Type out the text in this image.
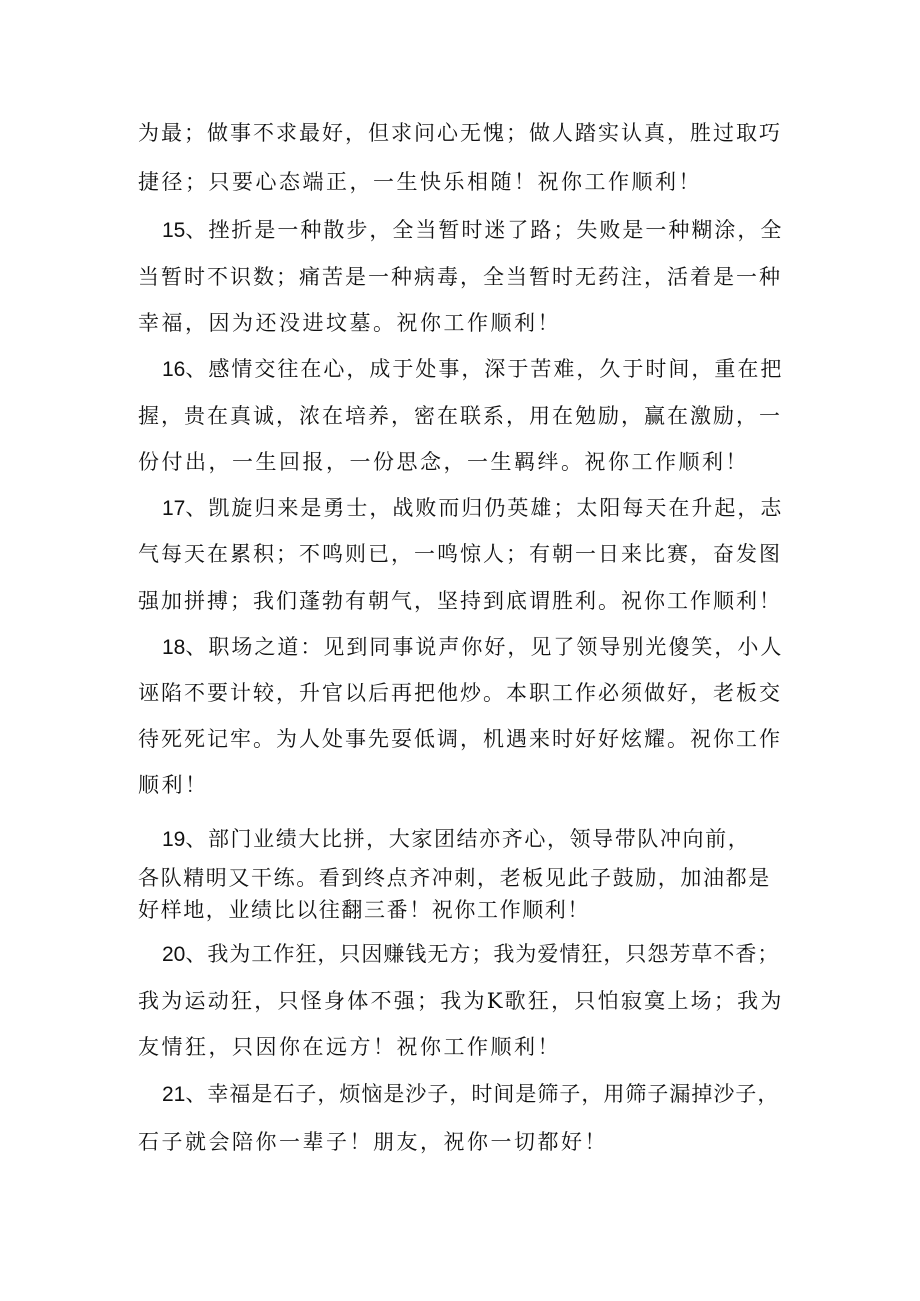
为最；做事不求最好，但求问心无愧；做人踏实认真，胜过取巧
捷径；只要心态端正，一生快乐相随！祝你工作顺利！
15、挫折是一种散步，全当暂时迷了路；失败是一种糊涂，全
当暂时不识数；痛苦是一种病毒，全当暂时无药注，活着是一种
幸福，因为还没进坟墓。祝你工作顺利！
16、感情交往在心，成于处事，深于苦难，久于时间，重在把
握，贵在真诚，浓在培养，密在联系，用在勉励，赢在激励，一
份付出，一生回报，一份思念，一生羁绊。祝你工作顺利！
17、凯旋归来是勇士，战败而归仍英雄；太阳每天在升起，志
气每天在累积；不鸣则已，一鸣惊人；有朝一日来比赛，奋发图
强加拼搏；我们蓬勃有朝气，坚持到底谓胜利。祝你工作顺利！
18、职场之道：见到同事说声你好，见了领导别光傻笑，小人
诬陷不要计较，升官以后再把他炒。本职工作必须做好，老板交
待死死记牢。为人处事先耍低调，机遇来时好好炫耀。祝你工作
顺利！
19、部门业绩大比拼，大家团结亦齐心，领导带队冲向前，
各队精明又干练。看到终点齐冲刺，老板见此子鼓励，加油都是
好样地，业绩比以往翻三番！祝你工作顺利！
20、我为工作狂，只因赚钱无方；我为爱情狂，只怨芳草不香；
我为运动狂，只怪身体不强；我为K歌狂，只怕寂寞上场；我为
友情狂，只因你在远方！祝你工作顺利！
21、幸福是石子，烦恼是沙子，时间是筛子，用筛子漏掉沙子，
石子就会陪你一辈子！朋友，祝你一切都好！
